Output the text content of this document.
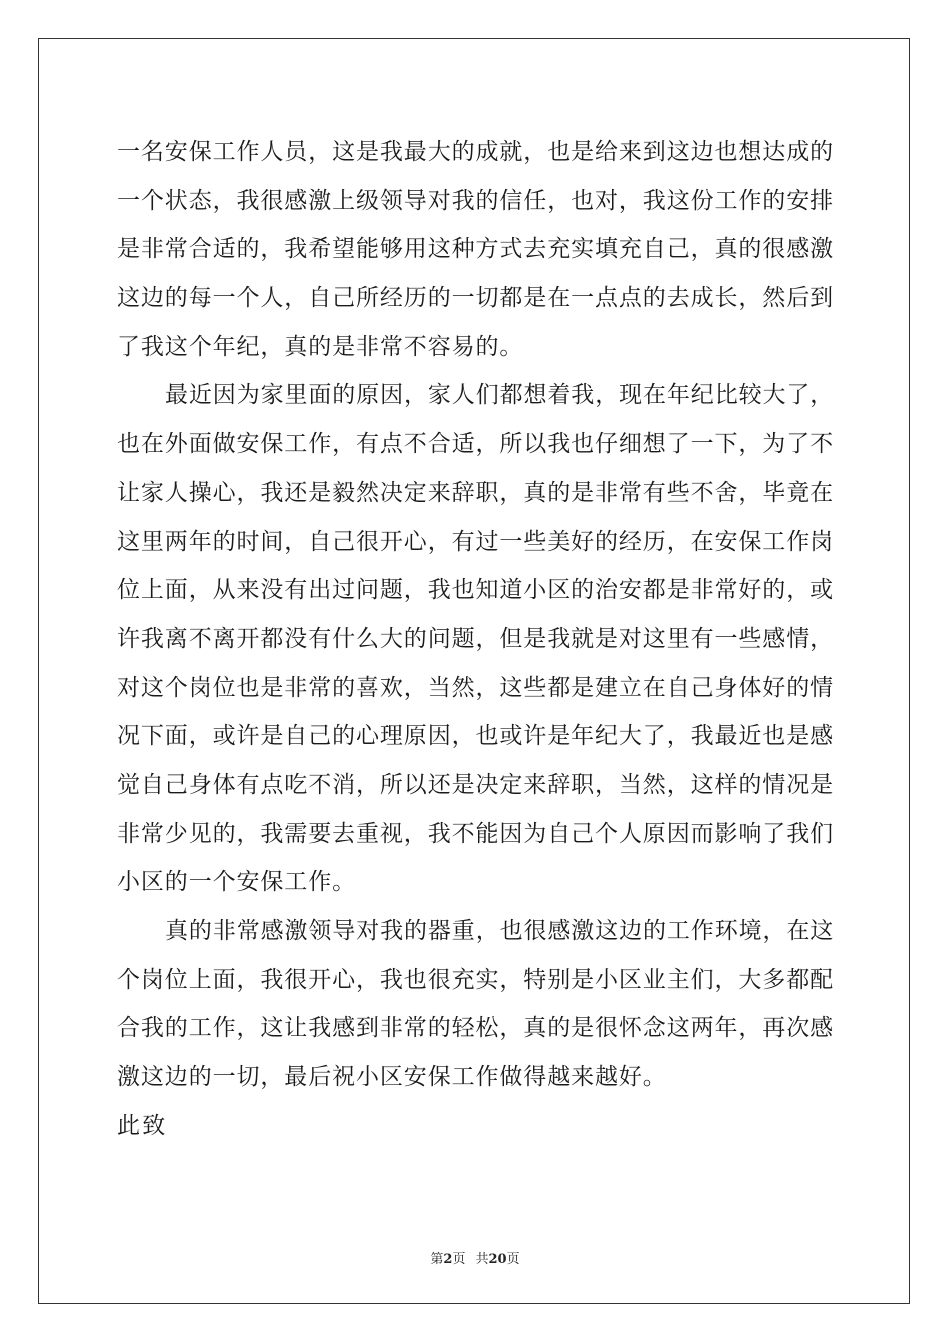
一名安保工作人员，这是我最大的成就，也是给来到这边也想达成的
一个状态，我很感激上级领导对我的信任，也对，我这份工作的安排
是非常合适的，我希望能够用这种方式去充实填充自己，真的很感激
这边的每一个人，自己所经历的一切都是在一点点的去成长，然后到
了我这个年纪，真的是非常不容易的。
最近因为家里面的原因，家人们都想着我，现在年纪比较大了，
也在外面做安保工作，有点不合适，所以我也仔细想了一下，为了不
让家人操心，我还是毅然决定来辞职，真的是非常有些不舍，毕竟在
这里两年的时间，自己很开心，有过一些美好的经历，在安保工作岗
位上面，从来没有出过问题，我也知道小区的治安都是非常好的，或
许我离不离开都没有什么大的问题，但是我就是对这里有一些感情，
对这个岗位也是非常的喜欢，当然，这些都是建立在自己身体好的情
况下面，或许是自己的心理原因，也或许是年纪大了，我最近也是感
觉自己身体有点吃不消，所以还是决定来辞职，当然，这样的情况是
非常少见的，我需要去重视，我不能因为自己个人原因而影响了我们
小区的一个安保工作。
真的非常感激领导对我的器重，也很感激这边的工作环境，在这
个岗位上面，我很开心，我也很充实，特别是小区业主们，大多都配
合我的工作，这让我感到非常的轻松，真的是很怀念这两年，再次感
激这边的一切，最后祝小区安保工作做得越来越好。
此致
第2页 共20页
